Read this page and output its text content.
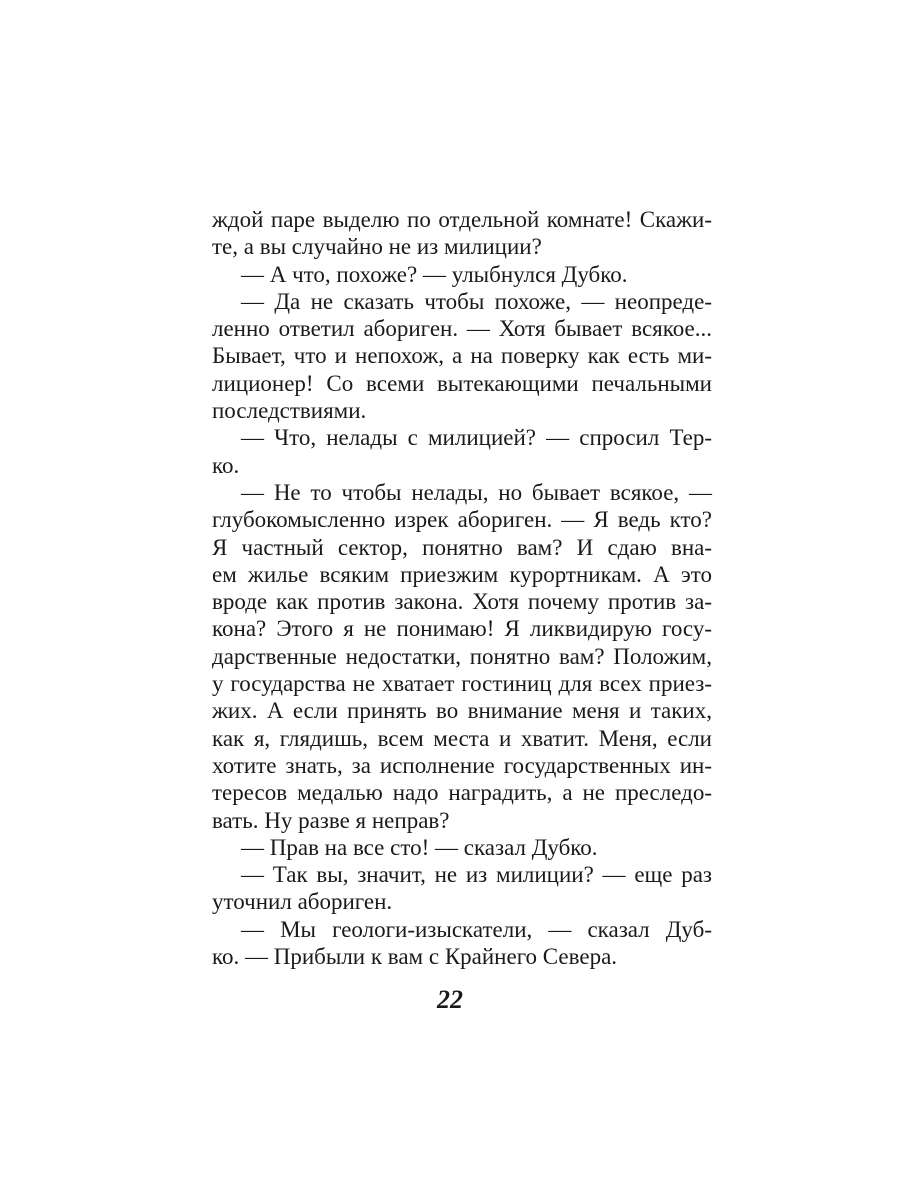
ждой паре выделю по отдельной комнате! Скажи-
те, а вы случайно не из милиции?
— А что, похоже? — улыбнулся Дубко.
— Да не сказать чтобы похоже, — неопреде-
ленно ответил абориген. — Хотя бывает всякое...
Бывает, что и непохож, а на поверку как есть ми-
лиционер! Со всеми вытекающими печальными
последствиями.
— Что, нелады с милицией? — спросил Тер-
ко.
— Не то чтобы нелады, но бывает всякое, —
глубокомысленно изрек абориген. — Я ведь кто?
Я частный сектор, понятно вам? И сдаю вна-
ем жилье всяким приезжим курортникам. А это
вроде как против закона. Хотя почему против за-
кона? Этого я не понимаю! Я ликвидирую госу-
дарственные недостатки, понятно вам? Положим,
у государства не хватает гостиниц для всех приез-
жих. А если принять во внимание меня и таких,
как я, глядишь, всем места и хватит. Меня, если
хотите знать, за исполнение государственных ин-
тересов медалью надо наградить, а не преследо-
вать. Ну разве я неправ?
— Прав на все сто! — сказал Дубко.
— Так вы, значит, не из милиции? — еще раз
уточнил абориген.
— Мы геологи-изыскатели, — сказал Дуб-
ко. — Прибыли к вам с Крайнего Севера.
22
